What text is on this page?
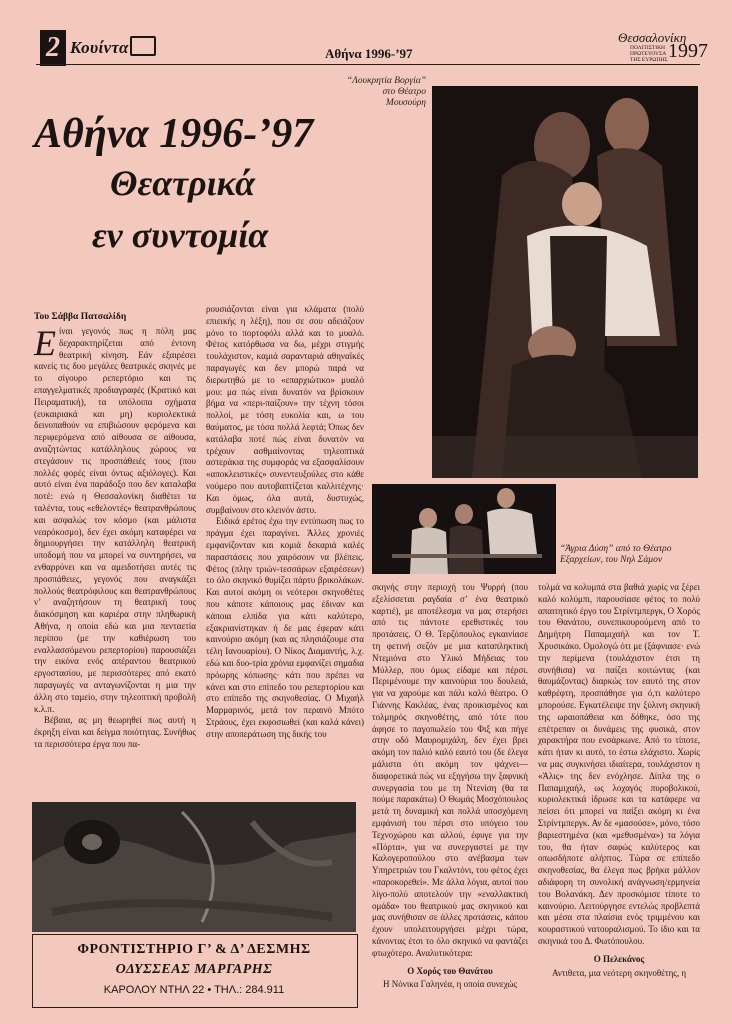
2 Κουίντα	Αθήνα 1996-’97
Θεσσαλονίκη
ΠΟΛΙΤΙΣΤΙΚΗ ΠΡΩΤΕΥΟΥΣΑ ΤΗΣ ΕΥΡΩΠΗΣ 1997
Αθήνα 1996-’97
Θεατρικά
εν συντομία
“Λουκρητία Βοργία” στο Θέατρο Μουσούρη
“Άγρια Δύση” από το Θέατρο Εξαρχείων, του Νηλ Σάμον
Του Σάββα Πατσαλίδη

Είναι γεγονός πως η πόλη μας δεχαρακτηρίζεται από έντονη θεατρική κίνηση. Εάν εξαιρέσει κανείς τις δυο μεγάλες θεατρικές σκηνές με το σίγουρο ρεπερτόριο και τις επαγγελματικές προδιαγραφές (Κρατικό και Πειραματική), τα υπόλοιπα σχήματα (ευκαιριακά και μη) κυριολεκτικά δεινοπαθούν να επιβιώσουν φερόμενα και περιφερόμενα από αίθουσα σε αίθουσα, αναζητώντας κατάλληλους χώρους να στεγάσουν τις προσπάθειές τους (που πολλές φορές είναι όντως αξιόλογες). Και αυτό είναι ένα παράδοξο που δεν καταλαβα ποτέ: ενώ η Θεσσαλονίκη διαθέτει τα ταλέντα, τους «εθελοντές» θεατρανθρώπους και ασφαλώς τον κόσμο (και μάλιστα νεαρόκοσμο), δεν έχει ακόμη καταφέρει να δημιουργήσει την κατάλληλη θεατρική υποδομή που να μπορεί να συντηρήσει, να ενθαρρύνει και να αμειδοτήσει αυτές τις προσπάθειες, γεγονός που αναγκάζει πολλούς θεατρόφιλους και θεατρανθρώπους ν’ αναζητήσουν τη θεατρική τους διακόσμηση και καριέρα στην πληθωρική Αθήνα, η οποία εδώ και μια πενταετία περίπου (με την καθιέρωση του εναλλασσόμενου ρεπερτορίου) παρουσιάζει την εικόνα ενός απέραντου θεατρικού εργοστασίου, με περισσότερες από εκατό παραγωγές να ανταγωνίζονται η μια την άλλη στο ταμείο, στην τηλεοπτική προβολή κ.λ.π.

Βέβαια, ας μη θεωρηθεί πως αυτή η έκρηξη είναι και δείγμα ποιότητας. Συνήθως τα περισσότερα έργα που πα-

ρουσιάζονται είναι για κλάματα (πολύ επιεικής η λέξη), που σε σου αδειάζουν μόνο το πορτοφόλι αλλά και το μυαλό. Φέτος κατόρθωσα να δω, μέχρι στιγμής τουλάχιστον, καμιά σαρανταριά αθηναϊκές παραγωγές και δεν μπορώ παρά να διερωτηθώ με το «επαρχιώτικο» μυαλό μου: μα πώς είναι δυνατόν να βρίσκουν βήμα να «περι-παίζουν» την τέχνη τόσοι πολλοί, με τόση ευκολία και, ω του θαύματος, με τόσα πολλά λεφτά; Όπως δεν κατάλαβα ποτέ πώς είναι δυνατόν να τρέχουν ασθμαίνοντας τηλεοπτικά αστεράκια της συμφοράς να εξασφαλίσουν «αποκλειστικές» συνεντευξούλες στο κάθε νούμερο που αυτοβαπτίζεται καλλιτέχνης· Και όμως, όλα αυτά, δυστυχώς, συμβαίνουν στο κλεινόν άστυ.

Ειδικά ερέτος έχω την εντύπωση πως το πράγμα έχει παραγίνει. Άλλες χρονιές εμφανίζονταν και κομιά δεκαριά καλές παραστάσεις που χαιρόσουν να βλέπεις. Φέτος (πλην τριών-τεσσάρων εξαιρέσεων) το όλο σκηνικό θυμίζει πάρτυ βρικολάκων. Και αυτοί ακόμη οι νεότεροι σκηνοθέτες που κάποτε κάποιους μας έδιναν και κάποια ελπίδα για κάτι καλύτερο, εξακριανίστηκαν ή δε μας έφεραν κάτι καινούριο ακόμη (και ας πλησιάζουμε στα τέλη Ιανουαρίου). Ο Νίκος Διαμαντής, λ.χ. εδώ και δυο-τρία χρόνια εμφανίζει σημαδια πρόωρης κόπωσης· κάτι που πρέπει να κάνει και στο επίπεδο του ρεπερτορίου και στο επίπεδο της σκηνοθεσίας. Ο Μιχαήλ Μαρμαρινός, μετά τον περαινό Μπότο Στράους, έχει εκφοσιωθεί (και καλά κάνει) στην αποπεράτωση της δικής του

σκηνής στην περιοχή του Ψυρρή (που εξελίσσεται ραγδαία σ’ ένα θεατρικό καρτιέ), με αποτέλεσμα να μας στερήσει από τις πάντοτε ερεθιστικές του προτάσεις. Ο Θ. Τερζόπουλος εγκαινίασε τη φετινή σεζόν με μια καταπληκτική Ντεμιόνα στο Υλικό Μήδειας του Μύλλερ, που όμως είδαμε και πέρσι. Περιμένουμε την καινούρια του δουλειά, για να χαρούμε και πάλι καλό θέατρο. Ο Γιάννης Κακλέας, ένας προικισμένος και τολμηρός σκηνοθέτης, από τότε που άφησε το παγοπωλείο του Φιξ και πήγε στην οδό Μαυρομιχάλη, δεν έχει βρει ακόμη τον παλιό καλό εαυτό του (δε έλεγα μάλιστα ότι ακόμη τον ψάχνει—διαφορετικά πώς να εξηγήσω την ξαφνική συνεργασία του με τη Ντενίση (θα τα πούμε παρακάτω) Ο Θωμάς Μοσχόπουλος μετά τη δυναμική και πολλά υποσχόμενη εμφάνισή του πέρσι στο υπόγειο του Τεχνοχώρου και αλλού, έφυγε για την «Πόρτα», για να συνεργαστεί με την Καλογεροπούλου στο ανέβασμα των Υπηρετριών του Γκαλντόνι, του φέτος έχει «παροκορεθεί». Με άλλα λόγια, αυτοί που λίγο-πολύ αποτελούν την «εναλλακτική ομάδα» του θεατρικού μας σκηνικού και μας συνήθισαν σε άλλες προτάσεις, κάπου έχουν υπολειτουργήσει μέχρι τώρα, κάνοντας έτσι το όλο σκηνικό να φαντάζει φτωχότερο. Αναλυτικότερα:

Ο Χορός του Θανάτου
Η Νόνικα Γαληνέα, η οποία συνεχώς

τολμά να κολυμπά στα βαθιά χωρίς να ξέρει καλό κολύμπι, παρουσίασε φέτος το πολύ απαιτητικό έργο του Στρίντμπεργκ, Ο Χορός του Θανάτου, συνεπικουρούμενη από το Δημήτρη Παπαμιχαήλ και τον Τ. Χρυσικάκο. Ομολογώ ότι με (ξάφνιασε· ενώ την περίμενα (τουλάχιστον έτσι τη συνήθισα) να παίζει κοιτώντας (και θαυμάζοντας) διαρκώς τον εαυτό της στον καθρέφτη, προσπάθησε για ό,τι καλύτερο μπορούσε. Εγκατέλειψε την ξύλινη σκηνική της ωραιοπάθεια και δόθηκε, όσο της επέτρεπαν οι δυνάμεις της φυσικά, στον χαρακτήρα που ενσάρκωνε. Από το τίποτε, κάτι ήταν κι αυτό, το έστω ελάχιστο. Χωρίς να μας συγκινήσει ιδιαίτερα, τουλάχιστον η «Άλις» της δεν ενόχλησε. Δίπλα της ο Παπαμιχαήλ, ως λοχαγός πυροβολικού, κυριολεκτικά ίδρωσε και τα κατάφερε να πείσει ότι μπορεί να παίξει ακόμη κι ένα Στρίντμπεργκ. Αν δε «μασούσε», μόνο, τόσο βαριεστημένα (και «μεθυσμένα») τα λόγια του, θα ήταν σαφώς καλύτερος και οπωσδήποτε αλήπτος. Τώρα σε επίπεδο σκηνοθεσίας, θα έλεγα πως βρήκα μάλλον αδιάφορη τη συνολική ανάγνωση/ερμηνεία του Βολανάκη. Δεν προσκόμισε τίποτε το καινούριο. Λειτούργησε εντελώς προβλεπτά και μέσα στα πλαίσια ενός τριμμένου και κουραστικού νατουραλισμού. Το ίδιο και τα σκηνικά του Δ. Φωτόπουλου.

Ο Πελεκάνος
Αντιθετα, μια νεότερη σκηνοθέτης, η
ΦΡΟΝΤΙΣΤΗΡΙΟ Γ’ & Δ’ ΔΕΣΜΗΣ
ΟΔΥΣΣΕΑΣ ΜΑΡΓΑΡΗΣ
ΚΑΡΟΛΟΥ ΝΤΗΛ 22 • ΤΗΛ.: 284.911
